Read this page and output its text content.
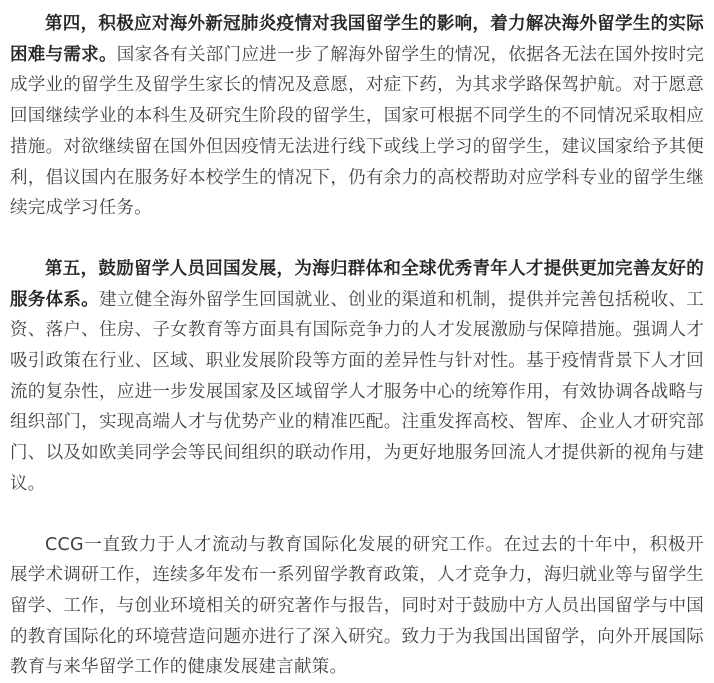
第四，积极应对海外新冠肺炎疫情对我国留学生的影响，着力解决海外留学生的实际困难与需求。国家各有关部门应进一步了解海外留学生的情况，依据各无法在国外按时完成学业的留学生及留学生家长的情况及意愿，对症下药，为其求学路保驾护航。对于愿意回国继续学业的本科生及研究生阶段的留学生，国家可根据不同学生的不同情况采取相应措施。对欲继续留在国外但因疫情无法进行线下或线上学习的留学生，建议国家给予其便利，倡议国内在服务好本校学生的情况下，仍有余力的高校帮助对应学科专业的留学生继续完成学习任务。

第五，鼓励留学人员回国发展，为海归群体和全球优秀青年人才提供更加完善友好的服务体系。建立健全海外留学生回国就业、创业的渠道和机制，提供并完善包括税收、工资、落户、住房、子女教育等方面具有国际竞争力的人才发展激励与保障措施。强调人才吸引政策在行业、区域、职业发展阶段等方面的差异性与针对性。基于疫情背景下人才回流的复杂性，应进一步发展国家及区域留学人才服务中心的统筹作用，有效协调各战略与组织部门，实现高端人才与优势产业的精准匹配。注重发挥高校、智库、企业人才研究部门、以及如欧美同学会等民间组织的联动作用，为更好地服务回流人才提供新的视角与建议。

CCG一直致力于人才流动与教育国际化发展的研究工作。在过去的十年中，积极开展学术调研工作，连续多年发布一系列留学教育政策，人才竞争力，海归就业等与留学生留学、工作，与创业环境相关的研究著作与报告，同时对于鼓励中方人员出国留学与中国的教育国际化的环境营造问题亦进行了深入研究。致力于为我国出国留学，向外开展国际教育与来华留学工作的健康发展建言献策。
